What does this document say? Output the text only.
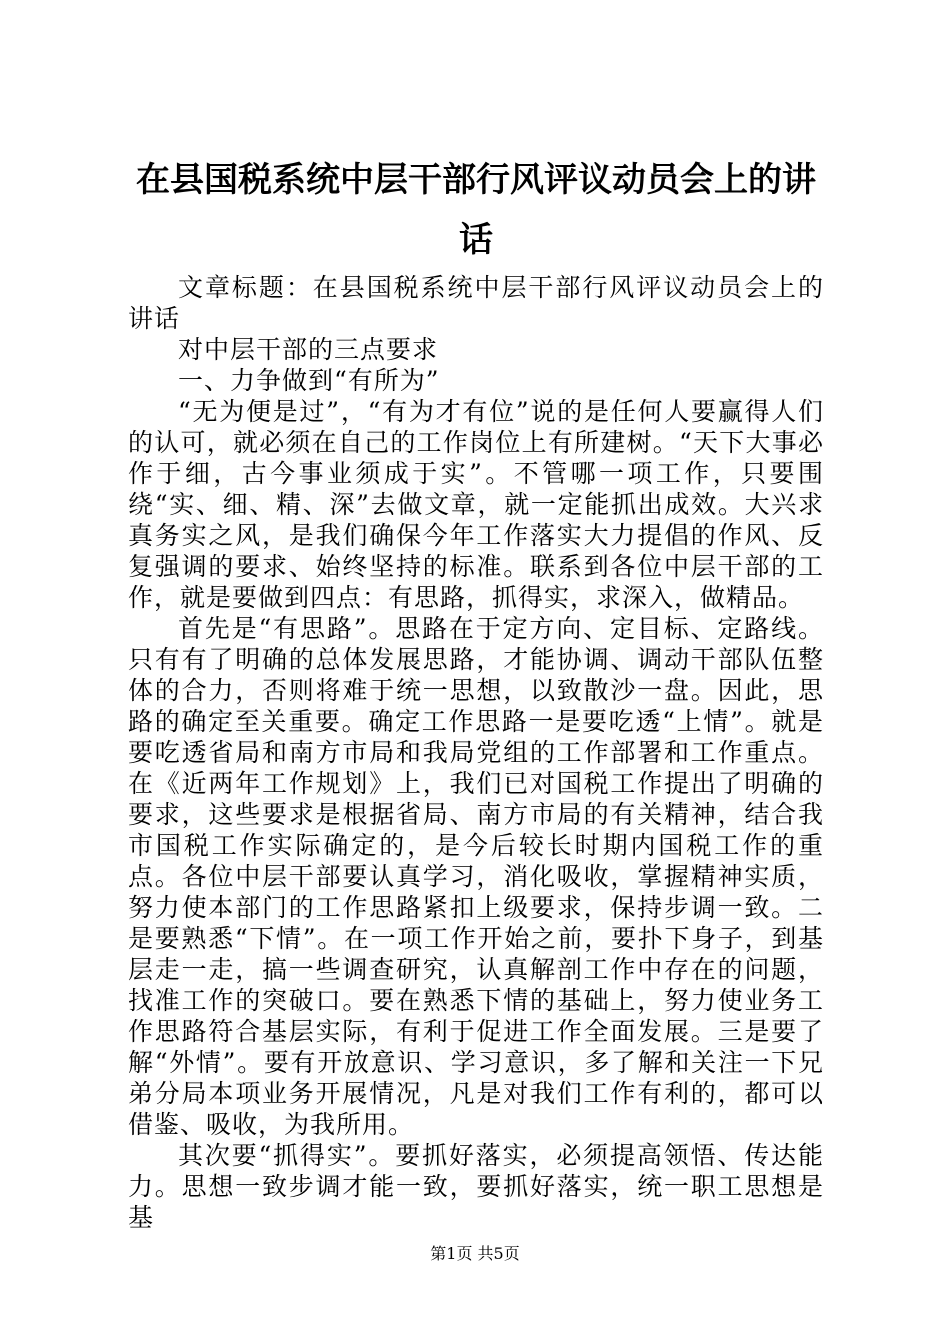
在县国税系统中层干部行风评议动员会上的讲话

文章标题：在县国税系统中层干部行风评议动员会上的讲话

对中层干部的三点要求

一、力争做到“有所为”

“无为便是过”，“有为才有位”说的是任何人要赢得人们的认可，就必须在自己的工作岗位上有所建树。“天下大事必作于细，古今事业须成于实”。不管哪一项工作，只要围绕“实、细、精、深”去做文章，就一定能抓出成效。大兴求真务实之风，是我们确保今年工作落实大力提倡的作风、反复强调的要求、始终坚持的标准。联系到各位中层干部的工作，就是要做到四点：有思路，抓得实，求深入，做精品。

首先是“有思路”。思路在于定方向、定目标、定路线。只有有了明确的总体发展思路，才能协调、调动干部队伍整体的合力，否则将难于统一思想，以致散沙一盘。因此，思路的确定至关重要。确定工作思路一是要吃透“上情”。就是要吃透省局和南方市局和我局党组的工作部署和工作重点。在《近两年工作规划》上，我们已对国税工作提出了明确的要求，这些要求是根据省局、南方市局的有关精神，结合我市国税工作实际确定的，是今后较长时期内国税工作的重点。各位中层干部要认真学习，消化吸收，掌握精神实质，努力使本部门的工作思路紧扣上级要求，保持步调一致。二是要熟悉“下情”。在一项工作开始之前，要扑下身子，到基层走一走，搞一些调查研究，认真解剖工作中存在的问题，找准工作的突破口。要在熟悉下情的基础上，努力使业务工作思路符合基层实际，有利于促进工作全面发展。三是要了解“外情”。要有开放意识、学习意识，多了解和关注一下兄弟分局本项业务开展情况，凡是对我们工作有利的，都可以借鉴、吸收，为我所用。

其次要“抓得实”。要抓好落实，必须提高领悟、传达能力。思想一致步调才能一致，要抓好落实，统一职工思想是基

第1页 共5页
